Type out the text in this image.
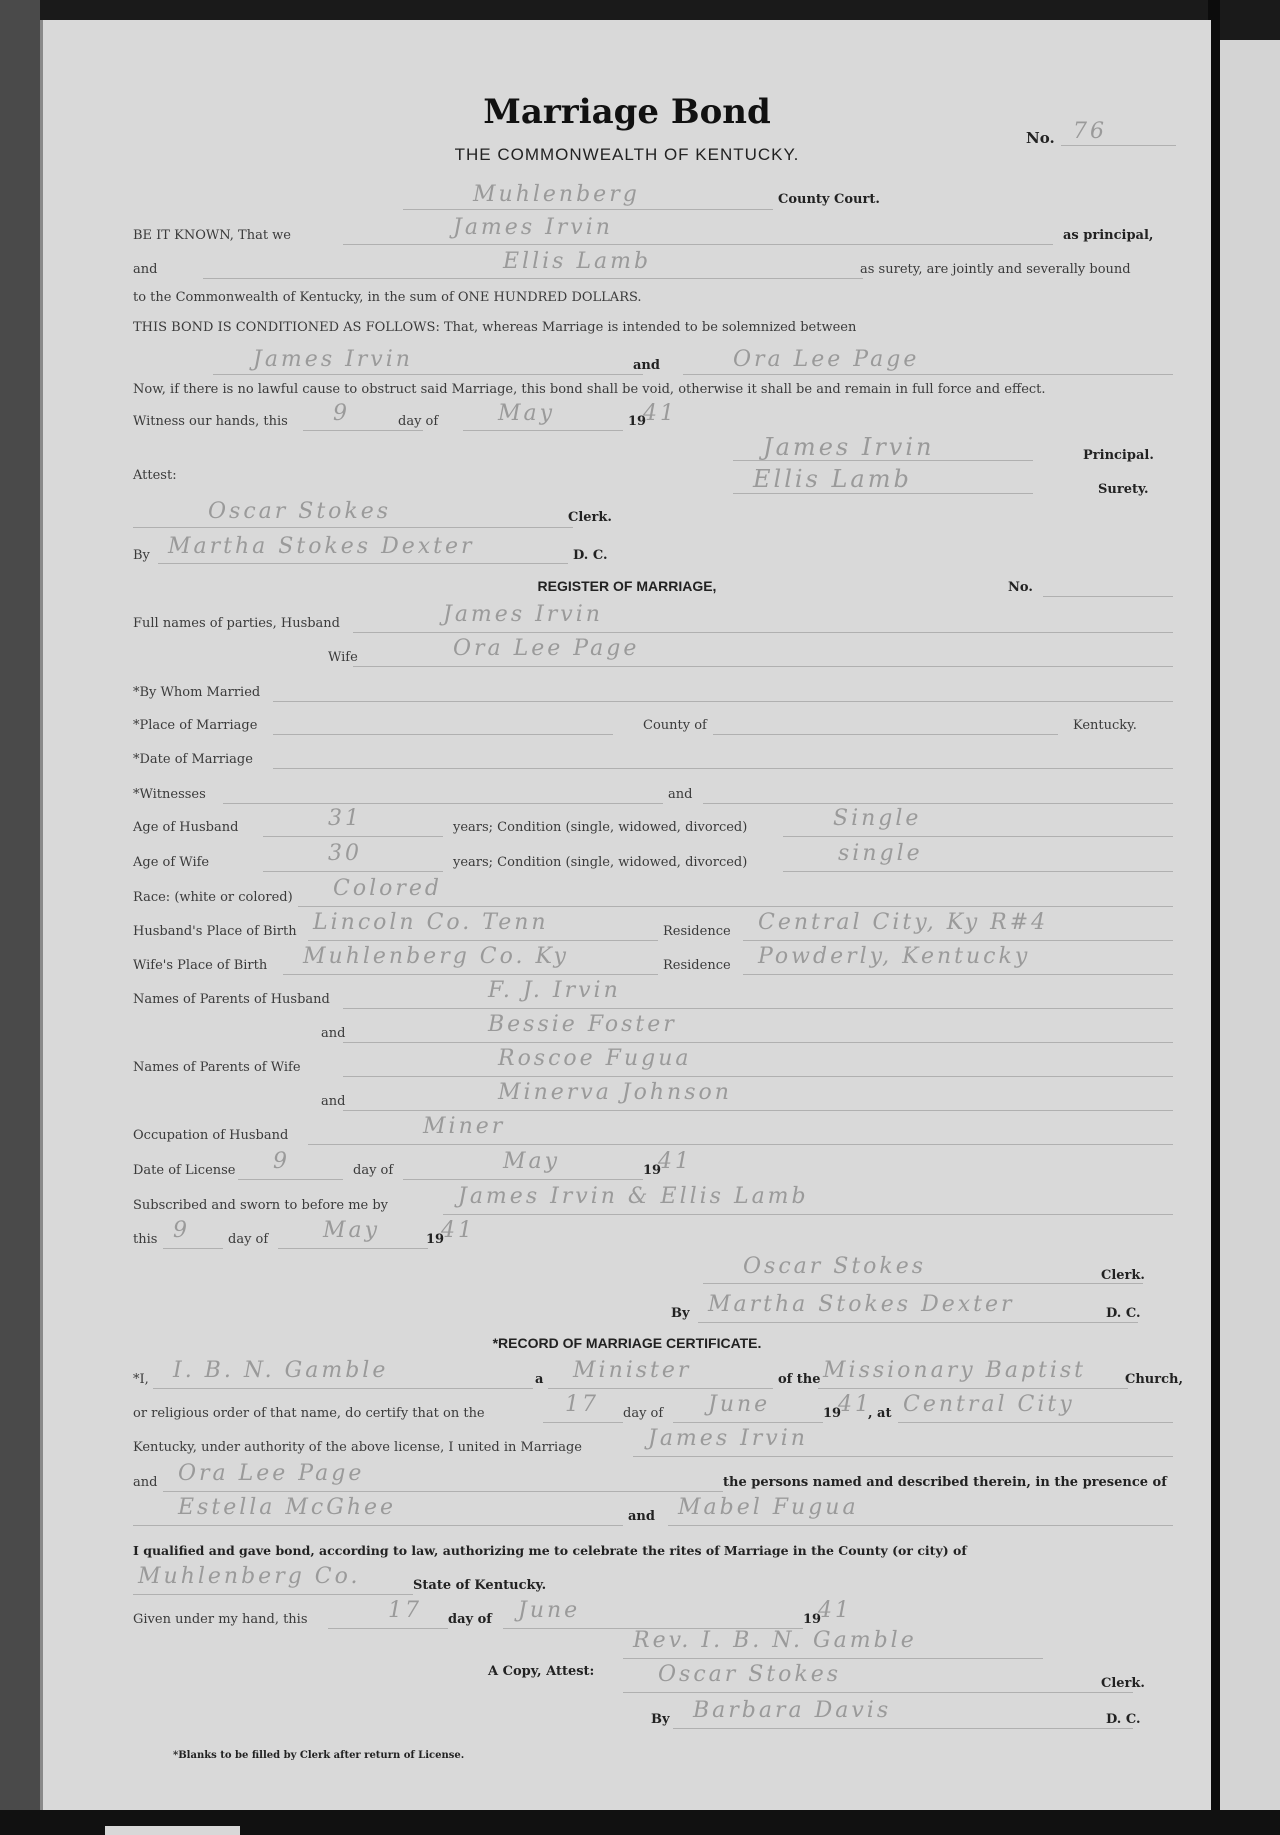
Marriage Bond
THE COMMONWEALTH OF KENTUCKY.
No. 76
Muhlenberg	County Court.
BE IT KNOWN, That we	James Irvin	as principal,
and	Ellis Lamb	as surety, are jointly and severally bound
to the Commonwealth of Kentucky, in the sum of ONE HUNDRED DOLLARS.
THIS BOND IS CONDITIONED AS FOLLOWS: That, whereas Marriage is intended to be solemnized between
James Irvin	and	Ora Lee Page
Now, if there is no lawful cause to obstruct said Marriage, this bond shall be void, otherwise it shall be and remain in full force and effect.
Witness our hands, this 9	day of	May	19
41
James Irvin	Principal.
Ellis Lamb	Surety.
Attest:
Oscar Stokes	Clerk.
By Martha Stokes Dexter	D. C.
REGISTER OF MARRIAGE,	No.
Full names of parties, Husband	James Irvin
Wife	Ora Lee Page
*By Whom Married
*Place of Marriage	County of	Kentucky.
*Date of Marriage
*Witnesses	and
Age of Husband	31	years; Condition (single, widowed, divorced)	Single
Age of Wife	30	years; Condition (single, widowed, divorced)	single
Race: (white or colored) Colored
Husband's Place of Birth Lincoln Co. Tenn	Residence Central City, Ky R#4
Wife's Place of Birth Muhlenberg Co. Ky	Residence Powderly, Kentucky
Names of Parents of Husband	F. J. Irvin
and	Bessie Foster
Names of Parents of Wife	Roscoe Fugua
and	Minerva Johnson
Occupation of Husband	Miner
Date of License 9	day of	May	19
41
Subscribed and sworn to before me by	James Irvin & Ellis Lamb
this 9	day of May	19
41
Oscar Stokes	Clerk.
By Martha Stokes Dexter	D. C.
*RECORD OF MARRIAGE CERTIFICATE.
*I, I. B. N. Gamble	a Minister	of the Missionary Baptist	Church,
or religious order of that name, do certify that on the	17 day of June	19
41
, at Central City
Kentucky, under authority of the above license, I united in Marriage	James Irvin
and Ora Lee Page	the persons named and described therein, in the presence of
Estella McGhee	and Mabel Fugua
I qualified and gave bond, according to law, authorizing me to celebrate the rites of Marriage in the County (or city) of
Muhlenberg Co.	State of Kentucky.
Given under my hand, this	17 day of June	19
41
Rev. I. B. N. Gamble
A Copy, Attest:	Oscar Stokes	Clerk.
By Barbara Davis	D. C.
*Blanks to be filled by Clerk after return of License.
